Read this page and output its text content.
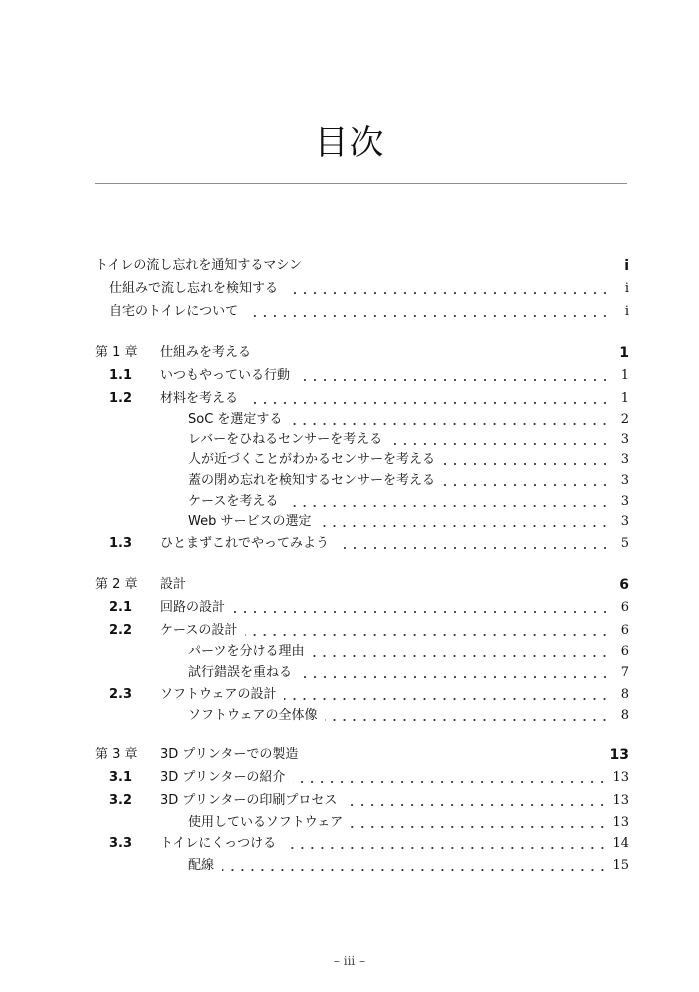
目次
トイレの流し忘れを通知するマシン	i
仕組みで流し忘れを検知する	i
自宅のトイレについて	i
第 1 章	仕組みを考える	1
1.1	いつもやっている行動	1
1.2	材料を考える	1
SoC を選定する	2
レバーをひねるセンサーを考える	3
人が近づくことがわかるセンサーを考える	3
蓋の閉め忘れを検知するセンサーを考える	3
ケースを考える	3
Web サービスの選定	3
1.3	ひとまずこれでやってみよう	5
第 2 章	設計	6
2.1	回路の設計	6
2.2	ケースの設計	6
パーツを分ける理由	6
試行錯誤を重ねる	7
2.3	ソフトウェアの設計	8
ソフトウェアの全体像	8
第 3 章	3D プリンターでの製造	13
3.1	3D プリンターの紹介	13
3.2	3D プリンターの印刷プロセス	13
使用しているソフトウェア	13
3.3	トイレにくっつける	14
配線	15
– iii –
